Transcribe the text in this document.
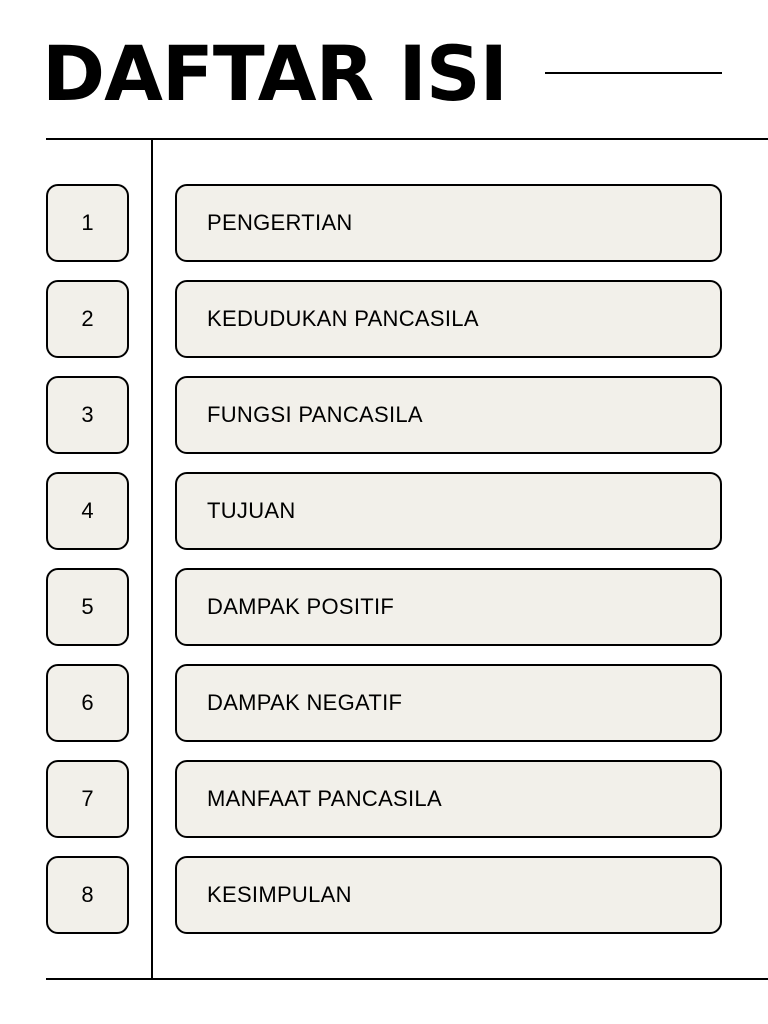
DAFTAR ISI
1	PENGERTIAN
2	KEDUDUKAN PANCASILA
3	FUNGSI PANCASILA
4	TUJUAN
5	DAMPAK POSITIF
6	DAMPAK NEGATIF
7	MANFAAT PANCASILA
8	KESIMPULAN
